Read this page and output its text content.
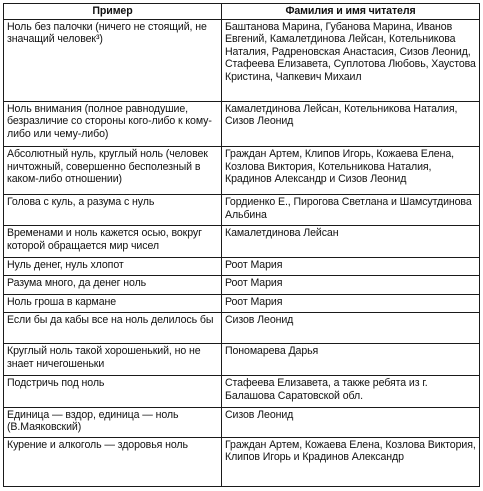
Пример	Фамилия и имя читателя
Ноль без палочки (ничего не стоящий, не значащий человек³)	Баштанова Марина, Губанова Марина, Иванов Евгений, Камалетдинова Лейсан, Котельникова Наталия, Радреновская Анастасия, Сизов Леонид, Стафеева Елизавета, Суплотова Любовь, Хаустова Кристина, Чапкевич Михаил
Ноль внимания (полное равнодушие, безразличие со стороны кого-либо к кому-либо или чему-либо)	Камалетдинова Лейсан, Котельникова Наталия, Сизов Леонид
Абсолютный нуль, круглый ноль (человек ничтожный, совершенно бесполезный в каком-либо отношении)	Граждан Артем, Клипов Игорь, Кожаева Елена, Козлова Виктория, Котельникова Наталия, Крадинов Александр и Сизов Леонид
Голова с куль, а разума с нуль	Гордиенко Е., Пирогова Светлана и Шамсутдинова Альбина
Временами и ноль кажется осью, вокруг которой обращается мир чисел	Камалетдинова Лейсан
Нуль денег, нуль хлопот	Роот Мария
Разума много, да денег ноль	Роот Мария
Ноль гроша в кармане	Роот Мария
Если бы да кабы все на ноль делилось бы	Сизов Леонид
Круглый ноль такой хорошенький, но не знает ничегошеньки	Пономарева Дарья
Подстричь под ноль	Стафеева Елизавета, а также ребята из г. Балашова Саратовской обл.
Единица — вздор, единица — ноль (В.Маяковский)	Сизов Леонид
Курение и алкоголь — здоровья ноль	Граждан Артем, Кожаева Елена, Козлова Виктория, Клипов Игорь и Крадинов Александр
